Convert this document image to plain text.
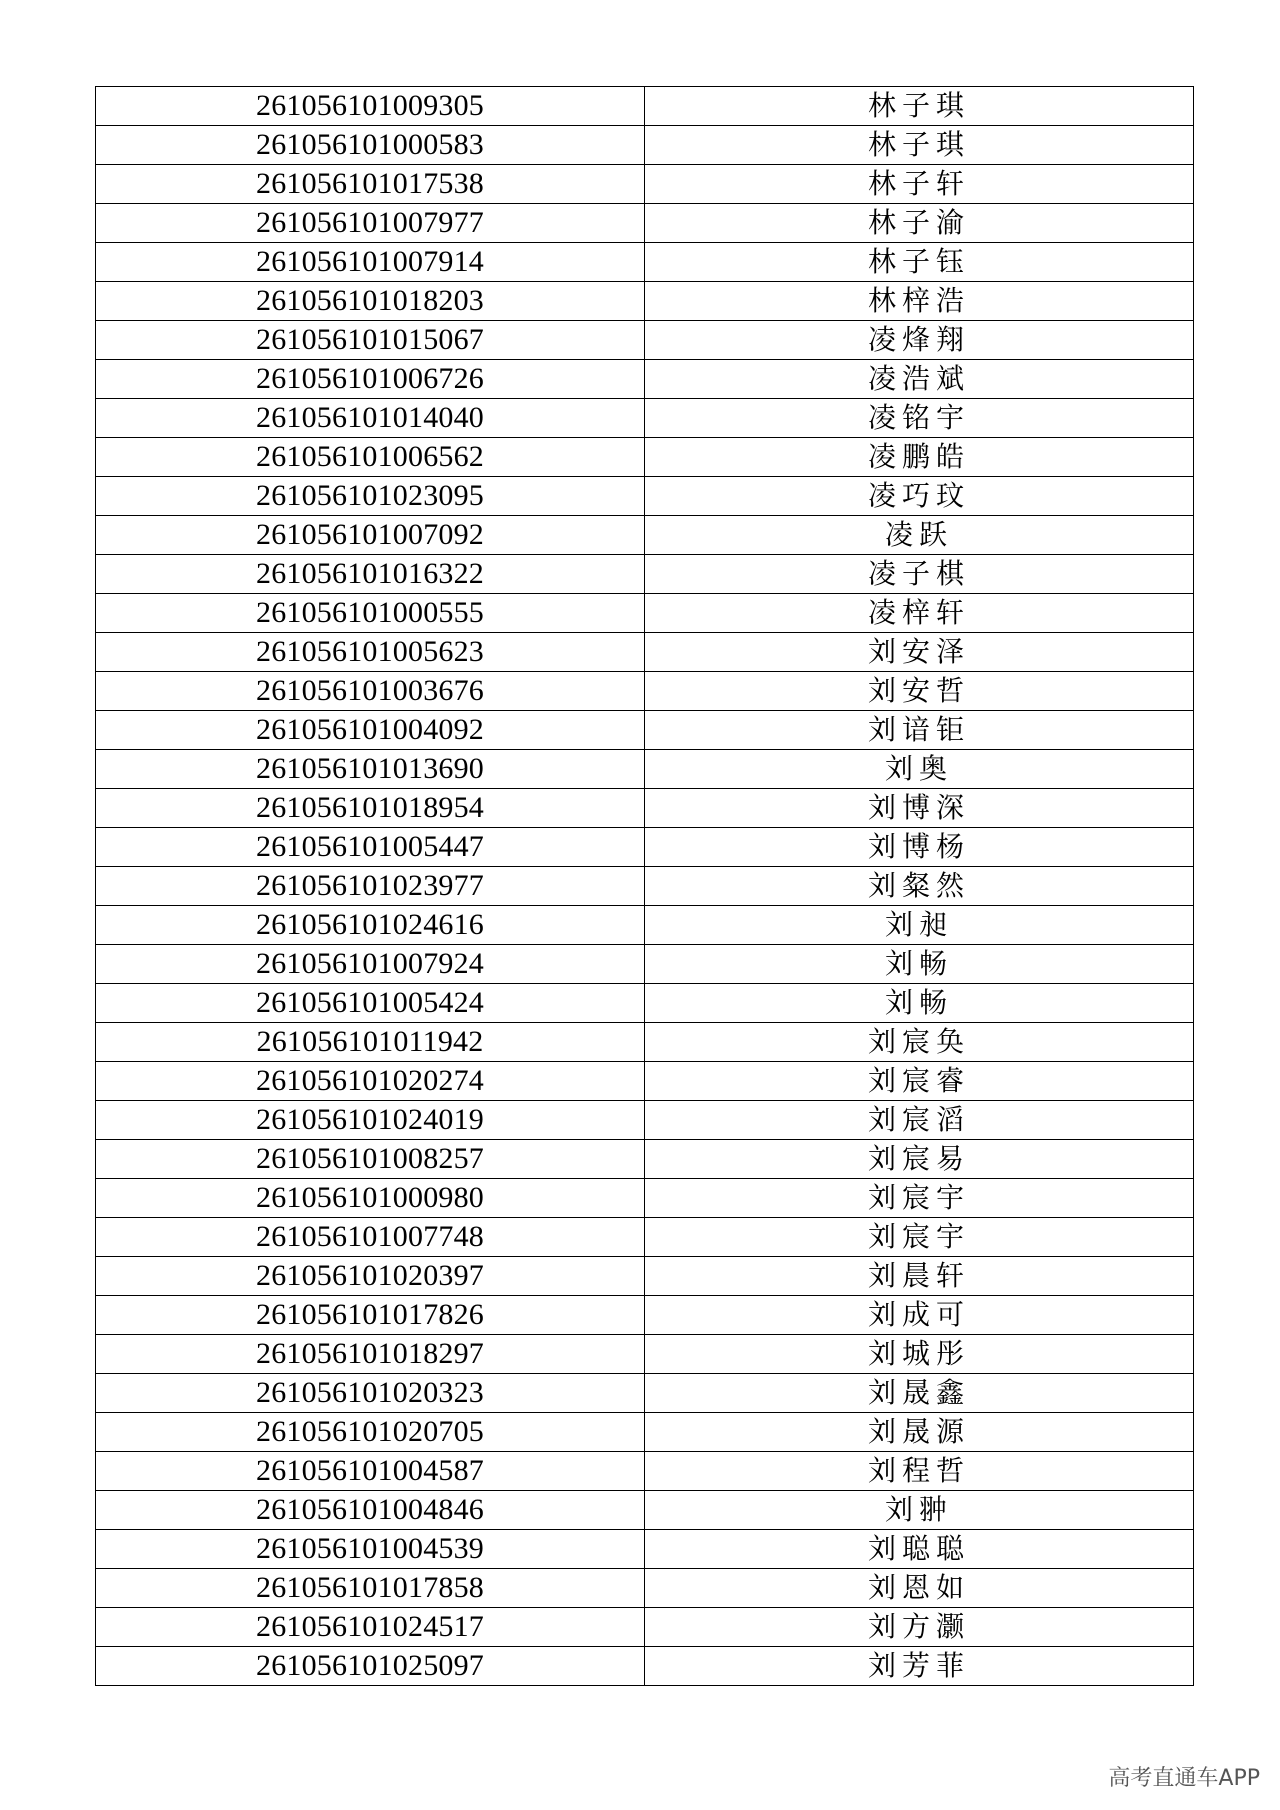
261056101009305	林子琪
261056101000583	林子琪
261056101017538	林子轩
261056101007977	林子渝
261056101007914	林子钰
261056101018203	林梓浩
261056101015067	凌烽翔
261056101006726	凌浩斌
261056101014040	凌铭宇
261056101006562	凌鹏皓
261056101023095	凌巧玟
261056101007092	凌跃
261056101016322	凌子棋
261056101000555	凌梓轩
261056101005623	刘安泽
261056101003676	刘安哲
261056101004092	刘谙钜
261056101013690	刘奥
261056101018954	刘博深
261056101005447	刘博杨
261056101023977	刘粲然
261056101024616	刘昶
261056101007924	刘畅
261056101005424	刘畅
261056101011942	刘宸奂
261056101020274	刘宸睿
261056101024019	刘宸滔
261056101008257	刘宸易
261056101000980	刘宸宇
261056101007748	刘宸宇
261056101020397	刘晨轩
261056101017826	刘成可
261056101018297	刘城彤
261056101020323	刘晟鑫
261056101020705	刘晟源
261056101004587	刘程哲
261056101004846	刘翀
261056101004539	刘聪聪
261056101017858	刘恩如
261056101024517	刘方灏
261056101025097	刘芳菲
高考直通车APP
